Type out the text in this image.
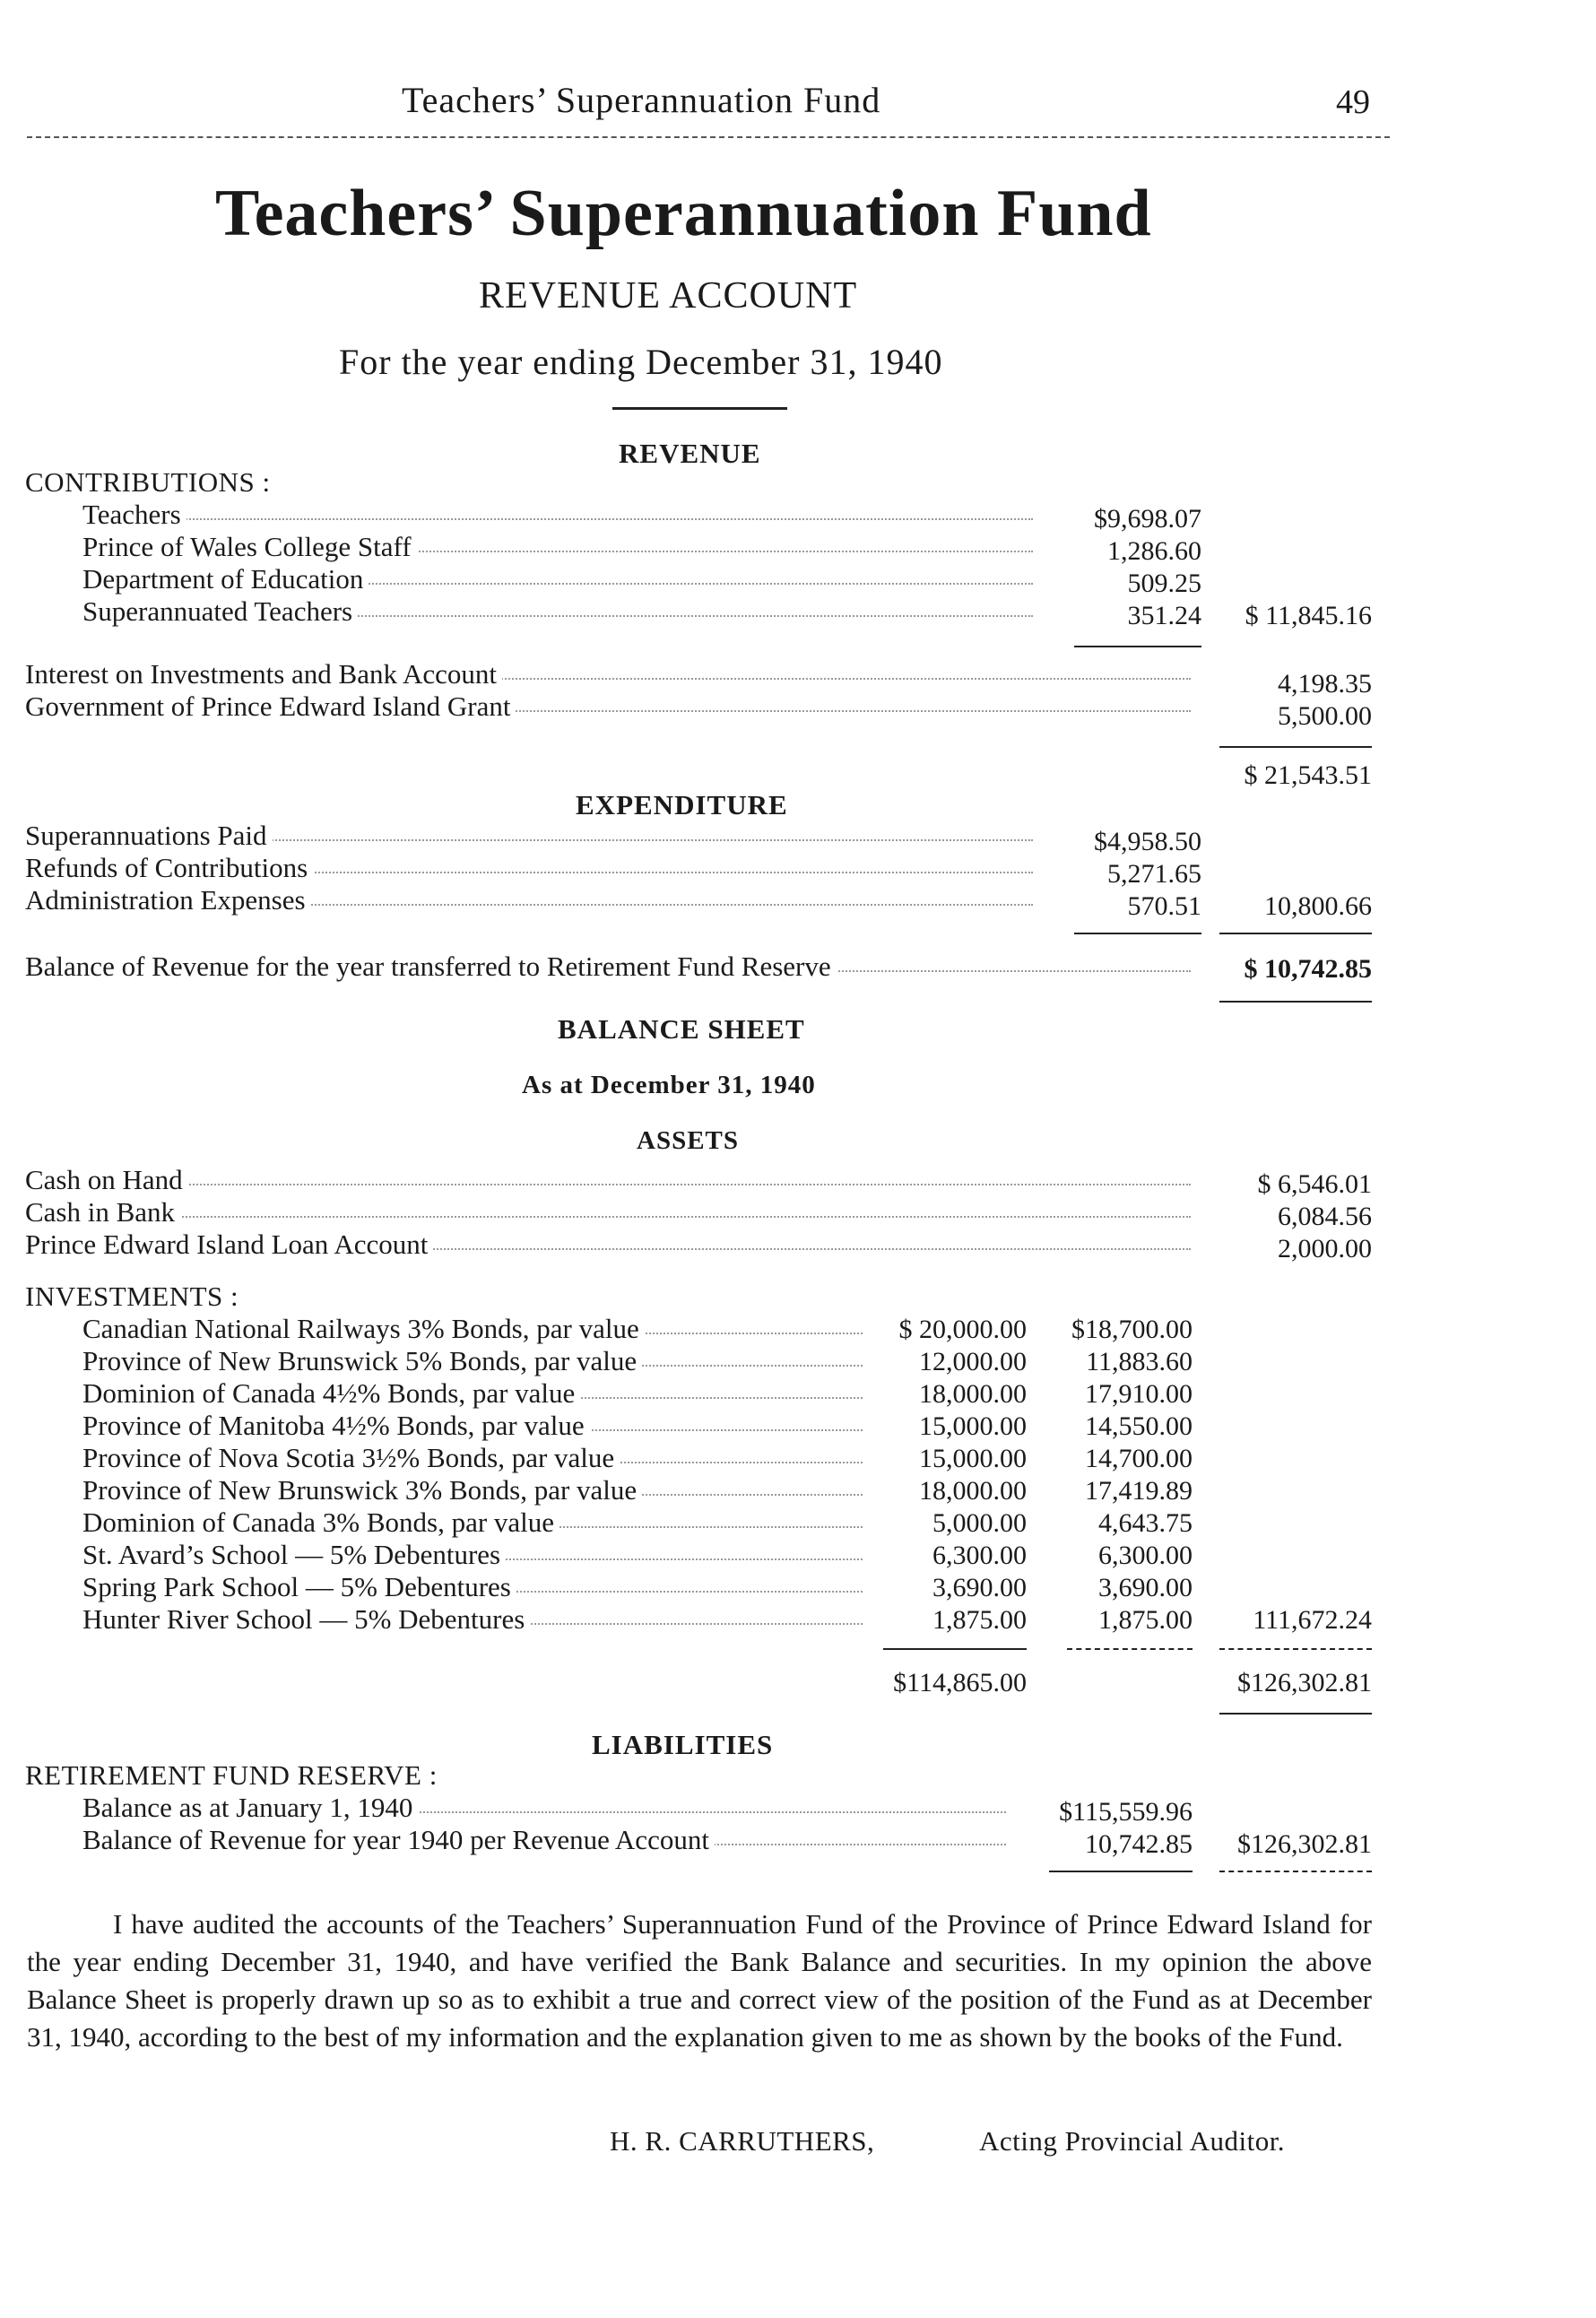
Teachers’ Superannuation Fund	49
Teachers’ Superannuation Fund
REVENUE ACCOUNT
For the year ending December 31, 1940
REVENUE
CONTRIBUTIONS :
Teachers	$9,698.07
Prince of Wales College Staff	1,286.60
Department of Education	509.25
Superannuated Teachers	351.24	$ 11,845.16
Interest on Investments and Bank Account	4,198.35
Government of Prince Edward Island Grant	5,500.00
$ 21,543.51
EXPENDITURE
Superannuations Paid	$4,958.50
Refunds of Contributions	5,271.65
Administration Expenses	570.51	10,800.66
Balance of Revenue for the year transferred to Retirement Fund Reserve	$ 10,742.85
BALANCE SHEET
As at December 31, 1940
ASSETS
Cash on Hand	$ 6,546.01
Cash in Bank	6,084.56
Prince Edward Island Loan Account	2,000.00
INVESTMENTS :
Canadian National Railways 3% Bonds, par value	$ 20,000.00	$18,700.00
Province of New Brunswick 5% Bonds, par value	12,000.00	11,883.60
Dominion of Canada 4½% Bonds, par value	18,000.00	17,910.00
Province of Manitoba 4½% Bonds, par value	15,000.00	14,550.00
Province of Nova Scotia 3½% Bonds, par value	15,000.00	14,700.00
Province of New Brunswick 3% Bonds, par value	18,000.00	17,419.89
Dominion of Canada 3% Bonds, par value	5,000.00	4,643.75
St. Avard’s School — 5% Debentures	6,300.00	6,300.00
Spring Park School — 5% Debentures	3,690.00	3,690.00
Hunter River School — 5% Debentures	1,875.00	1,875.00	111,672.24
$114,865.00	$126,302.81
LIABILITIES
RETIREMENT FUND RESERVE :
Balance as at January 1, 1940	$115,559.96
Balance of Revenue for year 1940 per Revenue Account	10,742.85	$126,302.81
I have audited the accounts of the Teachers’ Superannuation Fund of the Province of Prince Edward Island for the year ending December 31, 1940, and have verified the Bank Balance and securities. In my opinion the above Balance Sheet is properly drawn up so as to exhibit a true and correct view of the position of the Fund as at December 31, 1940, according to the best of my information and the explanation given to me as shown by the books of the Fund.
H. R. CARRUTHERS,	Acting Provincial Auditor.
